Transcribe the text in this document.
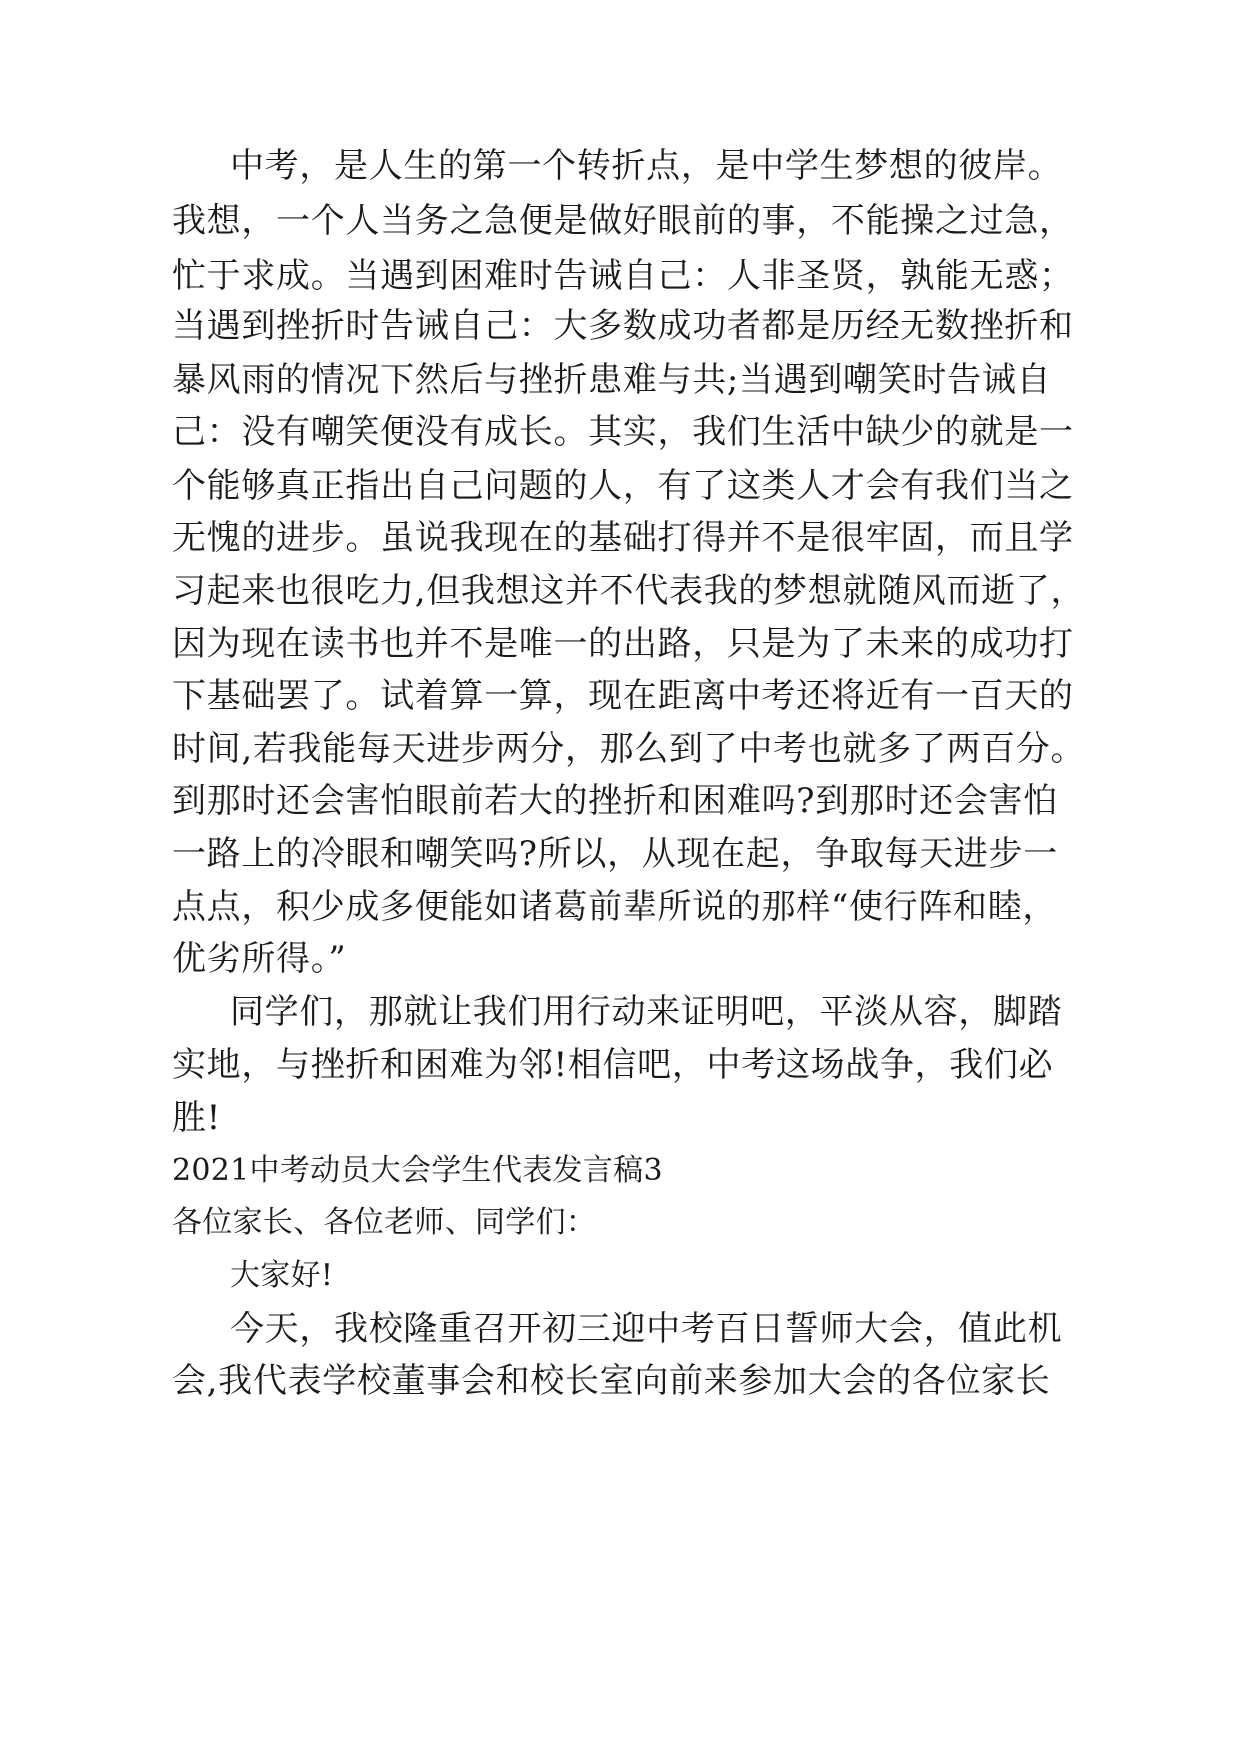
中考，是人生的第一个转折点，是中学生梦想的彼岸。
我想，一个人当务之急便是做好眼前的事，不能操之过急，
忙于求成。当遇到困难时告诫自己：人非圣贤，孰能无惑；
当遇到挫折时告诫自己：大多数成功者都是历经无数挫折和
暴风雨的情况下然后与挫折患难与共;当遇到嘲笑时告诫自
己：没有嘲笑便没有成长。其实，我们生活中缺少的就是一
个能够真正指出自己问题的人，有了这类人才会有我们当之
无愧的进步。虽说我现在的基础打得并不是很牢固，而且学
习起来也很吃力,但我想这并不代表我的梦想就随风而逝了，
因为现在读书也并不是唯一的出路，只是为了未来的成功打
下基础罢了。试着算一算，现在距离中考还将近有一百天的
时间,若我能每天进步两分，那么到了中考也就多了两百分。
到那时还会害怕眼前若大的挫折和困难吗?到那时还会害怕
一路上的冷眼和嘲笑吗?所以，从现在起，争取每天进步一
点点，积少成多便能如诸葛前辈所说的那样“使行阵和睦，
优劣所得。”
同学们，那就让我们用行动来证明吧，平淡从容，脚踏
实地，与挫折和困难为邻!相信吧，中考这场战争，我们必
胜!
2021中考动员大会学生代表发言稿3
各位家长、各位老师、同学们：
大家好!
今天，我校隆重召开初三迎中考百日誓师大会，值此机
会,我代表学校董事会和校长室向前来参加大会的各位家长
